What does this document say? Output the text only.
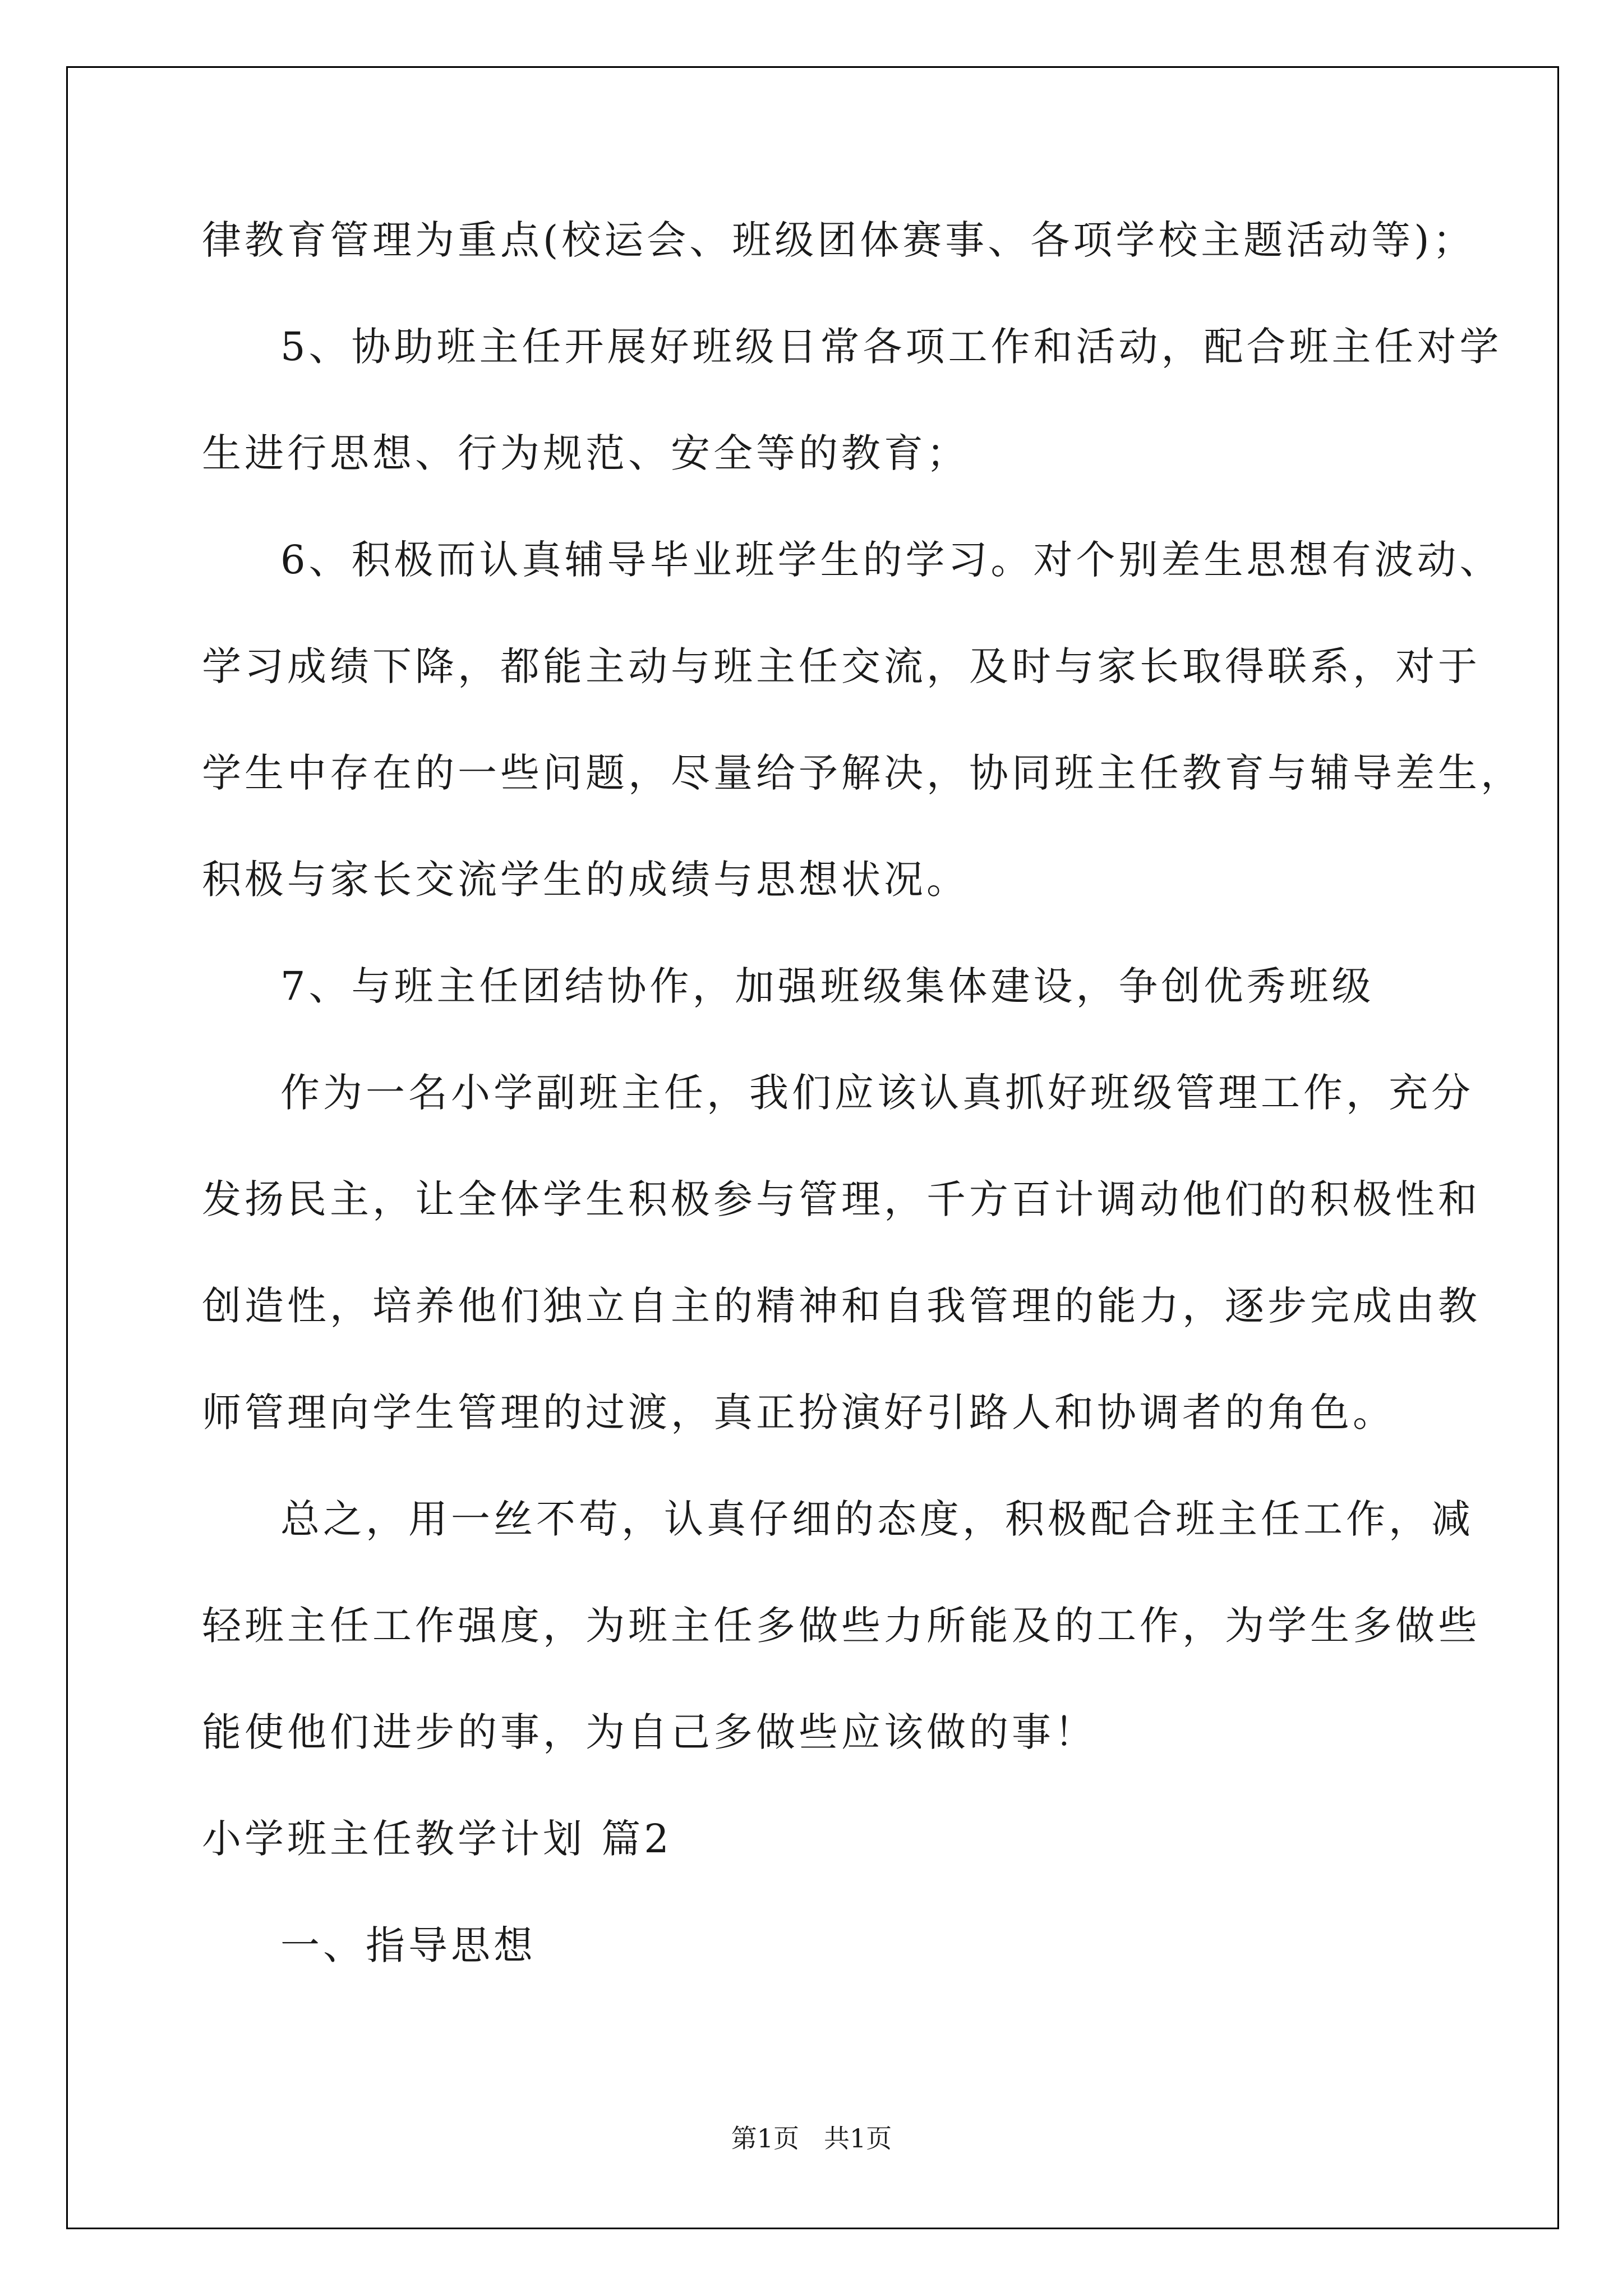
律教育管理为重点(校运会、班级团体赛事、各项学校主题活动等)；
5、协助班主任开展好班级日常各项工作和活动，配合班主任对学
生进行思想、行为规范、安全等的教育；
6、积极而认真辅导毕业班学生的学习。对个别差生思想有波动、
学习成绩下降，都能主动与班主任交流，及时与家长取得联系，对于
学生中存在的一些问题，尽量给予解决，协同班主任教育与辅导差生，
积极与家长交流学生的成绩与思想状况。
7、与班主任团结协作，加强班级集体建设，争创优秀班级
作为一名小学副班主任，我们应该认真抓好班级管理工作，充分
发扬民主，让全体学生积极参与管理，千方百计调动他们的积极性和
创造性，培养他们独立自主的精神和自我管理的能力，逐步完成由教
师管理向学生管理的过渡，真正扮演好引路人和协调者的角色。
总之，用一丝不苟，认真仔细的态度，积极配合班主任工作，减
轻班主任工作强度，为班主任多做些力所能及的工作，为学生多做些
能使他们进步的事，为自己多做些应该做的事！
小学班主任教学计划 篇2
一、指导思想
第1页 共1页
